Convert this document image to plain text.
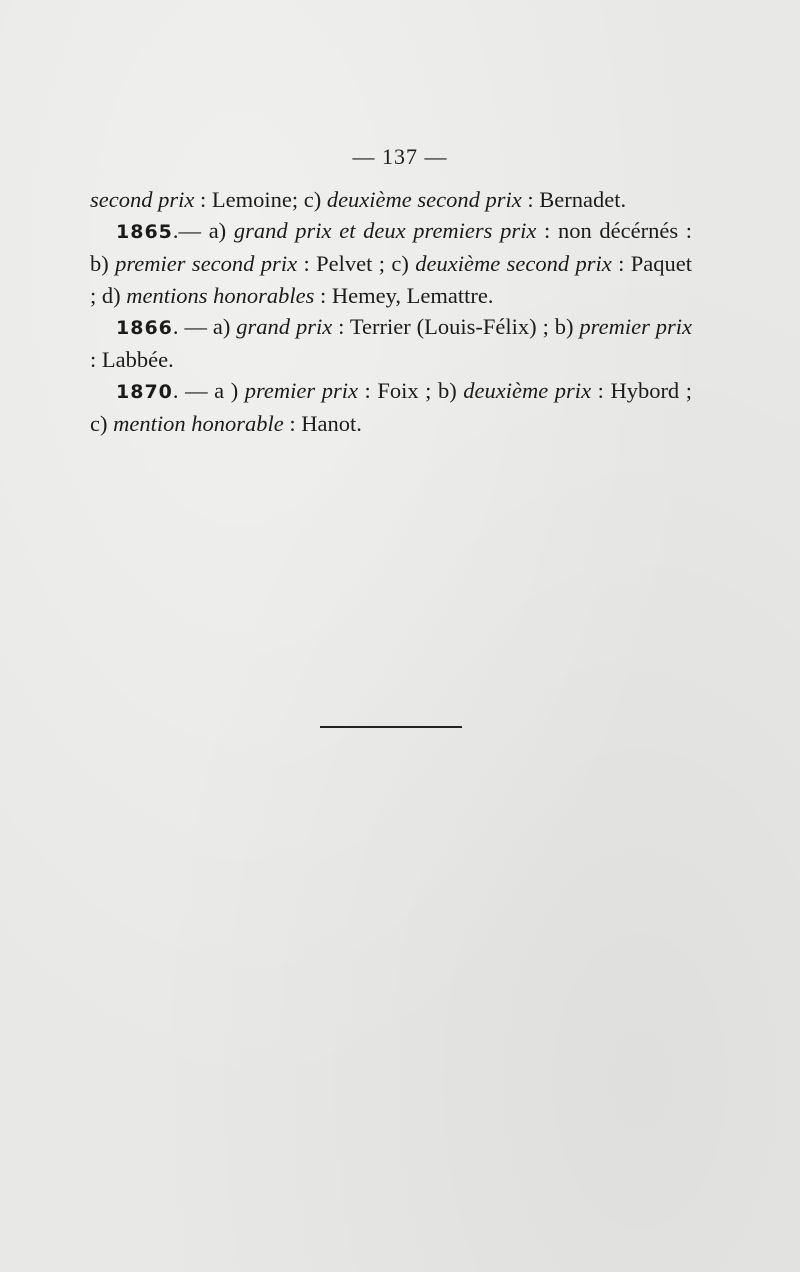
— 137 —

second prix : Lemoine; c) deuxième second prix : Bernadet.

1865.— a) grand prix et deux premiers prix : non décérnés : b) premier second prix : Pelvet ; c) deuxième second prix : Paquet ; d) mentions honorables : Hemey, Lemattre.

1866. — a) grand prix : Terrier (Louis-Félix) ; b) premier prix : Labbée.

1870. — a ) premier prix : Foix ; b) deuxième prix : Hybord ; c) mention honorable : Hanot.
